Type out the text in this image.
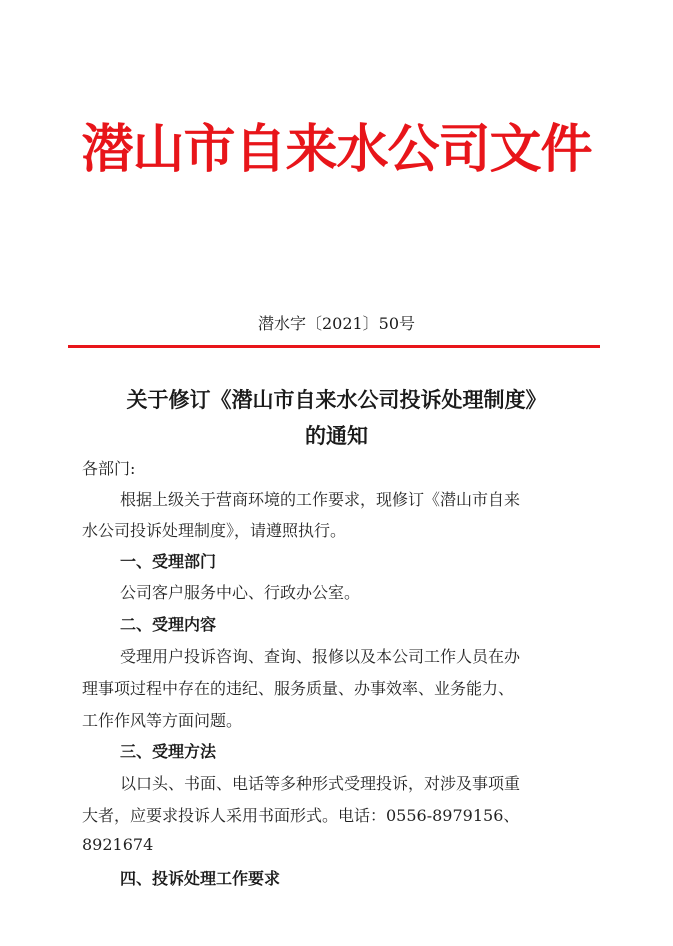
潜山市自来水公司文件
潜水字〔2021〕50号
关于修订《潜山市自来水公司投诉处理制度》
的通知
各部门:
根据上级关于营商环境的工作要求，现修订《潜山市自来
水公司投诉处理制度》，请遵照执行。
一、受理部门
公司客户服务中心、行政办公室。
二、受理内容
受理用户投诉咨询、查询、报修以及本公司工作人员在办
理事项过程中存在的违纪、服务质量、办事效率、业务能力、
工作作风等方面问题。
三、受理方法
以口头、书面、电话等多种形式受理投诉，对涉及事项重
大者，应要求投诉人采用书面形式。电话：0556-8979156、
8921674
四、投诉处理工作要求
